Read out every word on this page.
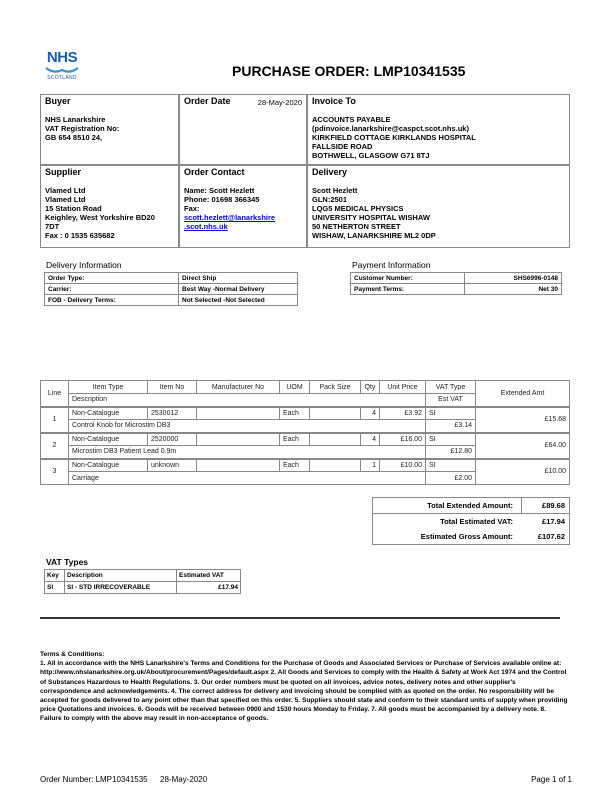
NHS
SCOTLAND	PURCHASE ORDER: LMP10341535
Buyer
NHS Lanarkshire
VAT Registration No:
GB 654 8510 24,
Order Date	28-May-2020 Invoice To
ACCOUNTS PAYABLE
(pdinvoice.lanarkshire@caspct.scot.nhs.uk)
KIRKFIELD COTTAGE KIRKLANDS HOSPITAL
FALLSIDE ROAD
BOTHWELL, GLASGOW G71 8TJ
Supplier
Vlamed Ltd
Vlamed Ltd
15 Station Road
Keighley, West Yorkshire BD20
7DT
Fax : 0 1535 635682
Order Contact
Name: Scott Hezlett
Phone: 01698 366345
Fax:
scott.hezlett@lanarkshire
.scot.nhs.uk
Delivery
Scott Hezlett
GLN:2501
LQG5 MEDICAL PHYSICS
UNIVERSITY HOSPITAL WISHAW
50 NETHERTON STREET
WISHAW, LANARKSHIRE ML2 0DP
Delivery Information
Order Type:	Direct Ship
Carrier:	Best Way -Normal Delivery
FOB - Delivery Terms:	Not Selected -Not Selected
Payment Information
Customer Number:	SHS6996-0148
Payment Terms:	Net 30
Line	Item Type	Item No	Manufacturer No	UOM	Pack Size	Qty	Unit Price	VAT Type	Extended Amt
	Description							Est VAT	
1	Non-Catalogue	2530012		Each		4	£3.92	SI	£15.68
	Control Knob for Microstim DB3							£3.14	
2	Non-Catalogue	2520000		Each		4	£16.00	SI	£64.00
	Microstim DB3 Patient Lead 0.9m							£12.80	
3	Non-Catalogue	unknown		Each		1	£10.00	SI	£10.00
	Carriage							£2.00	
Total Extended Amount:	£89.68
Total Estimated VAT:	£17.94
Estimated Gross Amount:	£107.62
VAT Types
Key	Description	Estimated VAT
SI	SI - STD IRRECOVERABLE	£17.94
Terms & Conditions:
1. All in accordance with the NHS Lanarkshire's Terms and Conditions for the Purchase of Goods and Associated Services or Purchase of Services available online at: http://www.nhslanarkshire.org.uk/About/procurement/Pages/default.aspx 2. All Goods and Services to comply with the Health & Safety at Work Act 1974 and the Control of Substances Hazardous to Health Regulations. 3. Our order numbers must be quoted on all invoices, advice notes, delivery notes and other supplier's correspondence and acknowledgements. 4. The correct address for delivery and invoicing should be complied with as quoted on the order. No responsibility will be accepted for goods delivered to any point other than that specified on this order. 5. Suppliers should state and conform to their standard units of supply when providing price Quotations and invoices. 6. Goods will be received between 0900 and 1530 hours Monday to Friday. 7. All goods must be accompanied by a delivery note. 8. Failure to comply with the above may result in non-acceptance of goods.
Order Number: LMP10341535 28-May-2020	Page 1 of 1
